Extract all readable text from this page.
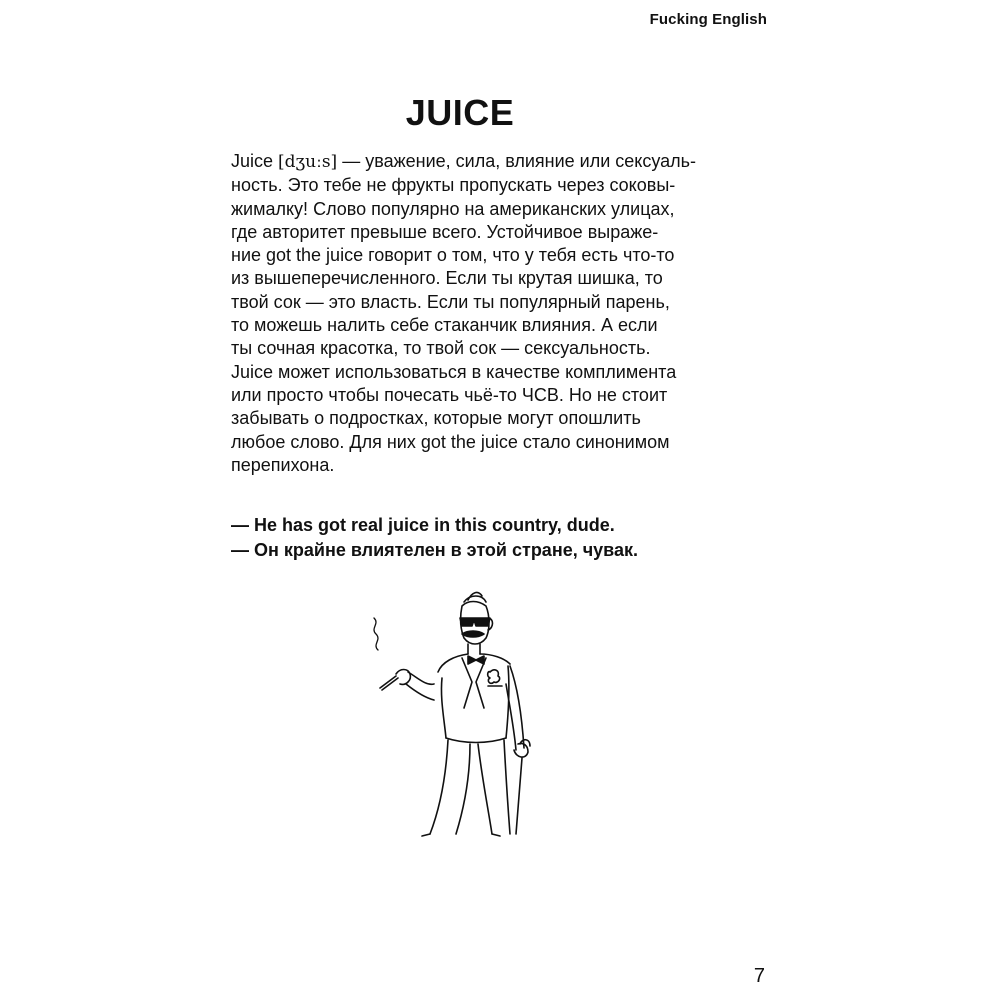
Fucking English
JUICE
Juice [dʒuːs] — уважение, сила, влияние или сексуаль-
ность. Это тебе не фрукты пропускать через соковы-
жималку! Слово популярно на американских улицах,
где авторитет превыше всего. Устойчивое выраже-
ние got the juice говорит о том, что у тебя есть что-то
из вышеперечисленного. Если ты крутая шишка, то
твой сок — это власть. Если ты популярный парень,
то можешь налить себе стаканчик влияния. А если
ты сочная красотка, то твой сок — сексуальность.
Juice может использоваться в качестве комплимента
или просто чтобы почесать чьё-то ЧСВ. Но не стоит
забывать о подростках, которые могут опошлить
любое слово. Для них got the juice стало синонимом
перепихона.
— He has got real juice in this country, dude.
— Он крайне влиятелен в этой стране, чувак.
7
